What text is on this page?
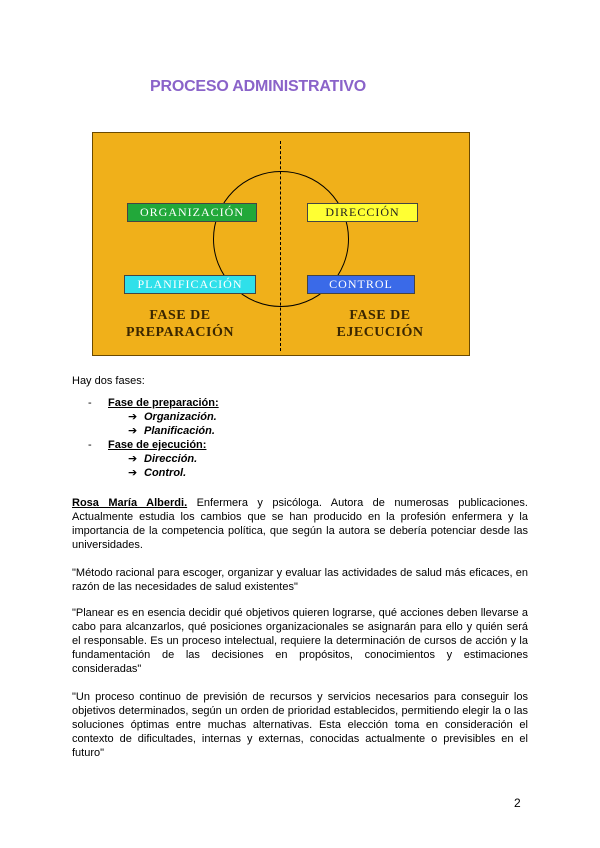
PROCESO ADMINISTRATIVO
ORGANIZACIÓN	DIRECCIÓN
PLANIFICACIÓN	CONTROL
FASE DE
PREPARACIÓN
FASE DE
EJECUCIÓN
Hay dos fases:
- Fase de preparación:
➔ Organización.
➔ Planificación.
- Fase de ejecución:
➔ Dirección.
➔ Control.
Rosa María Alberdi. Enfermera y psicóloga. Autora de numerosas publicaciones. Actualmente estudia los cambios que se han producido en la profesión enfermera y la importancia de la competencia política, que según la autora se debería potenciar desde las universidades.
"Método racional para escoger, organizar y evaluar las actividades de salud más eficaces, en razón de las necesidades de salud existentes"
"Planear es en esencia decidir qué objetivos quieren lograrse, qué acciones deben llevarse a cabo para alcanzarlos, qué posiciones organizacionales se asignarán para ello y quién será el responsable. Es un proceso intelectual, requiere la determinación de cursos de acción y la fundamentación de las decisiones en propósitos, conocimientos y estimaciones consideradas"
"Un proceso continuo de previsión de recursos y servicios necesarios para conseguir los objetivos determinados, según un orden de prioridad establecidos, permitiendo elegir la o las soluciones óptimas entre muchas alternativas. Esta elección toma en consideración el contexto de dificultades, internas y externas, conocidas actualmente o previsibles en el futuro"
2
